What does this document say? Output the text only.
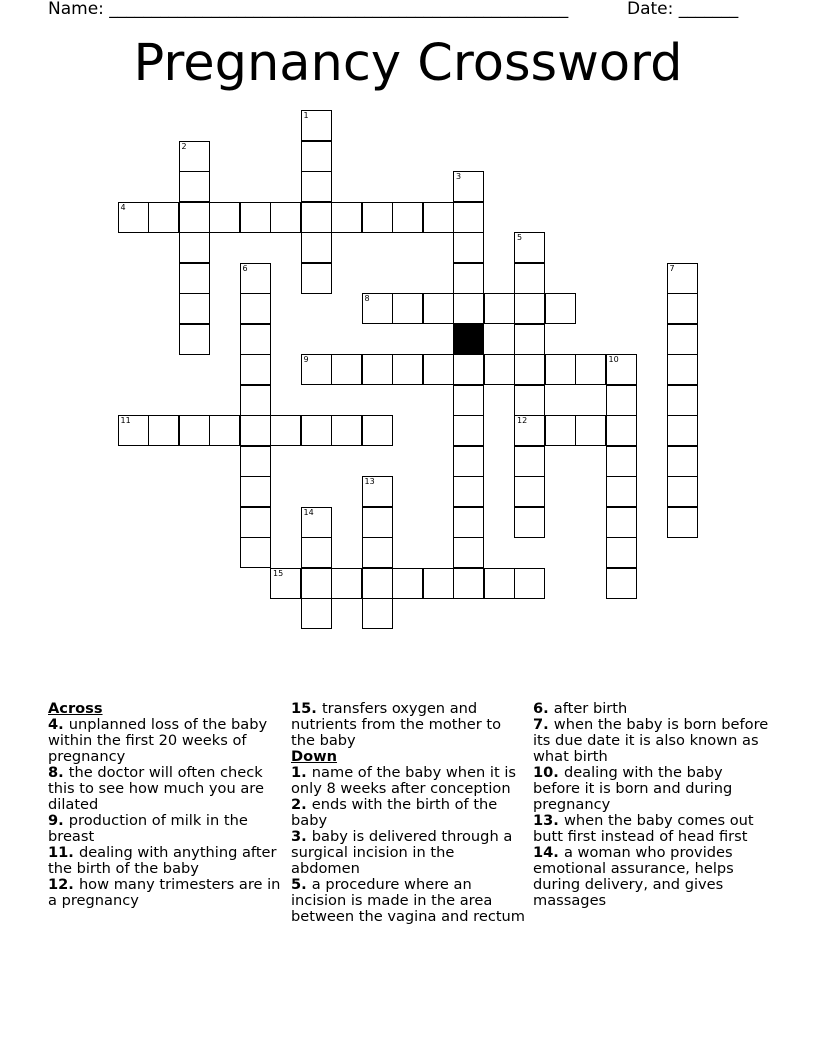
Name: ______________________________________________________	Date: _______
Pregnancy Crossword
1
2
3
4
5
6	7
8
9	10
11	12
13
14
15
Across
4. unplanned loss of the baby within the first 20 weeks of pregnancy
8. the doctor will often check this to see how much you are dilated
9. production of milk in the breast
11. dealing with anything after the birth of the baby
12. how many trimesters are in a pregnancy
15. transfers oxygen and nutrients from the mother to the baby
Down
1. name of the baby when it is only 8 weeks after conception
2. ends with the birth of the baby
3. baby is delivered through a surgical incision in the abdomen
5. a procedure where an incision is made in the area between the vagina and rectum
6. after birth
7. when the baby is born before its due date it is also known as what birth
10. dealing with the baby before it is born and during pregnancy
13. when the baby comes out butt first instead of head first
14. a woman who provides emotional assurance, helps during delivery, and gives massages
